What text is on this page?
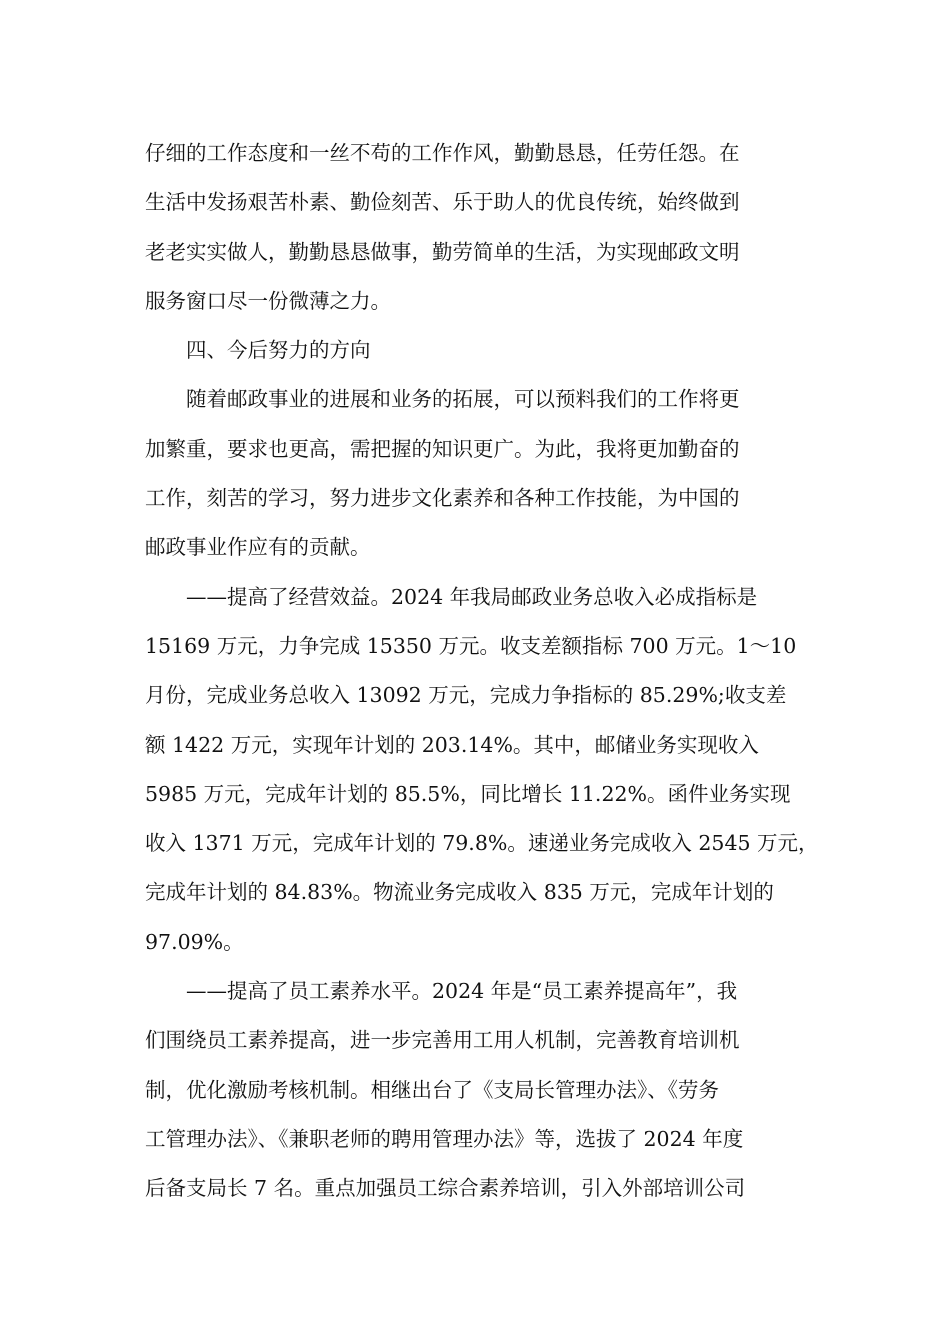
仔细的工作态度和一丝不苟的工作作风，勤勤恳恳，任劳任怨。在
生活中发扬艰苦朴素、勤俭刻苦、乐于助人的优良传统，始终做到
老老实实做人，勤勤恳恳做事，勤劳简单的生活，为实现邮政文明
服务窗口尽一份微薄之力。
四、今后努力的方向
随着邮政事业的进展和业务的拓展，可以预料我们的工作将更
加繁重，要求也更高，需把握的知识更广。为此，我将更加勤奋的
工作，刻苦的学习，努力进步文化素养和各种工作技能，为中国的
邮政事业作应有的贡献。
——提高了经营效益。2024 年我局邮政业务总收入必成指标是
15169 万元，力争完成 15350 万元。收支差额指标 700 万元。1～10
月份，完成业务总收入 13092 万元，完成力争指标的 85.29%;收支差
额 1422 万元，实现年计划的 203.14%。其中，邮储业务实现收入
5985 万元，完成年计划的 85.5%，同比增长 11.22%。函件业务实现
收入 1371 万元，完成年计划的 79.8%。速递业务完成收入 2545 万元，
完成年计划的 84.83%。物流业务完成收入 835 万元，完成年计划的
97.09%。
——提高了员工素养水平。2024 年是“员工素养提高年”，我
们围绕员工素养提高，进一步完善用工用人机制，完善教育培训机
制，优化激励考核机制。相继出台了《支局长管理办法》、《劳务
工管理办法》、《兼职老师的聘用管理办法》等，选拔了 2024 年度
后备支局长 7 名。重点加强员工综合素养培训，引入外部培训公司
